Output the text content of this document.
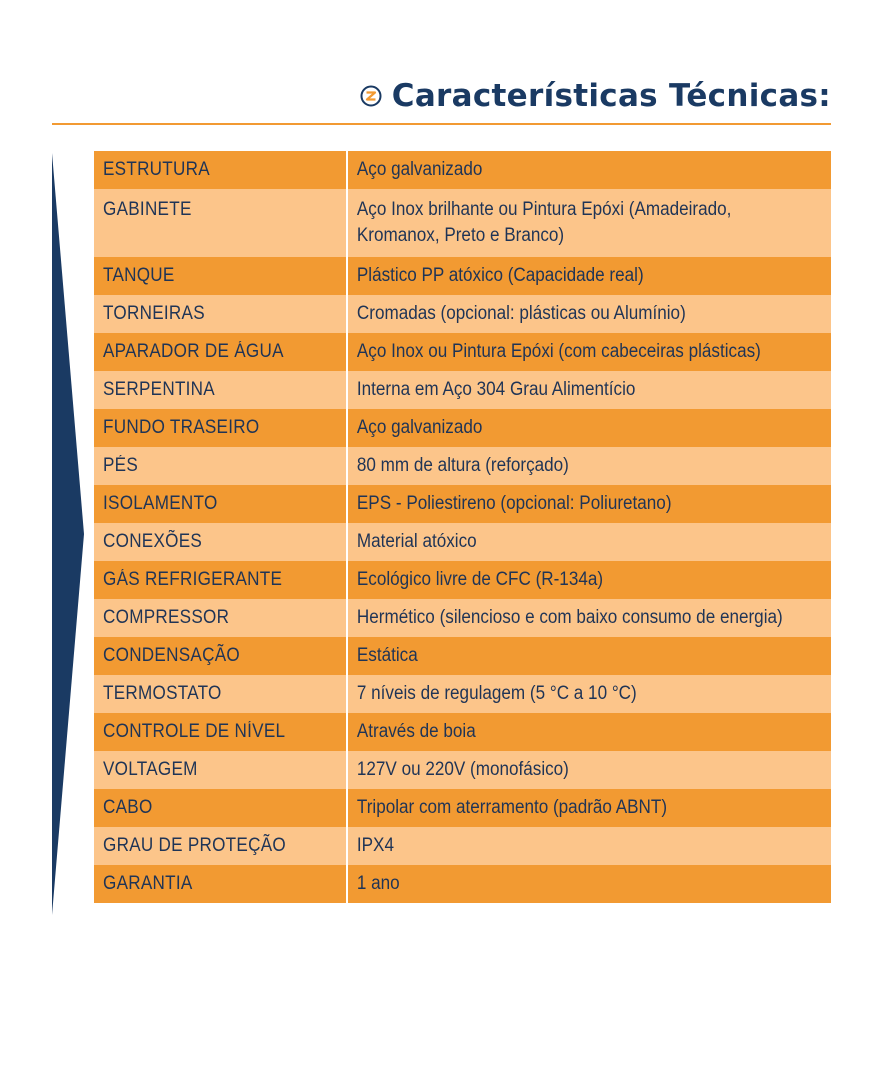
Características Técnicas:
ESTRUTURA	Aço galvanizado
GABINETE	Aço Inox brilhante ou Pintura Epóxi (Amadeirado,
Kromanox, Preto e Branco)

TANQUE	Plástico PP atóxico (Capacidade real)
TORNEIRAS	Cromadas (opcional: plásticas ou Alumínio)
APARADOR DE ÁGUA	Aço Inox ou Pintura Epóxi (com cabeceiras plásticas)
SERPENTINA	Interna em Aço 304 Grau Alimentício
FUNDO TRASEIRO	Aço galvanizado
PÉS	80 mm de altura (reforçado)
ISOLAMENTO	EPS - Poliestireno (opcional: Poliuretano)
CONEXÕES	Material atóxico
GÁS REFRIGERANTE	Ecológico livre de CFC (R-134a)
COMPRESSOR	Hermético (silencioso e com baixo consumo de energia)
CONDENSAÇÃO	Estática
TERMOSTATO	7 níveis de regulagem (5 °C a 10 °C)
CONTROLE DE NÍVEL	Através de boia
VOLTAGEM	127V ou 220V (monofásico)
CABO	Tripolar com aterramento (padrão ABNT)
GRAU DE PROTEÇÃO	IPX4
GARANTIA	1 ano
